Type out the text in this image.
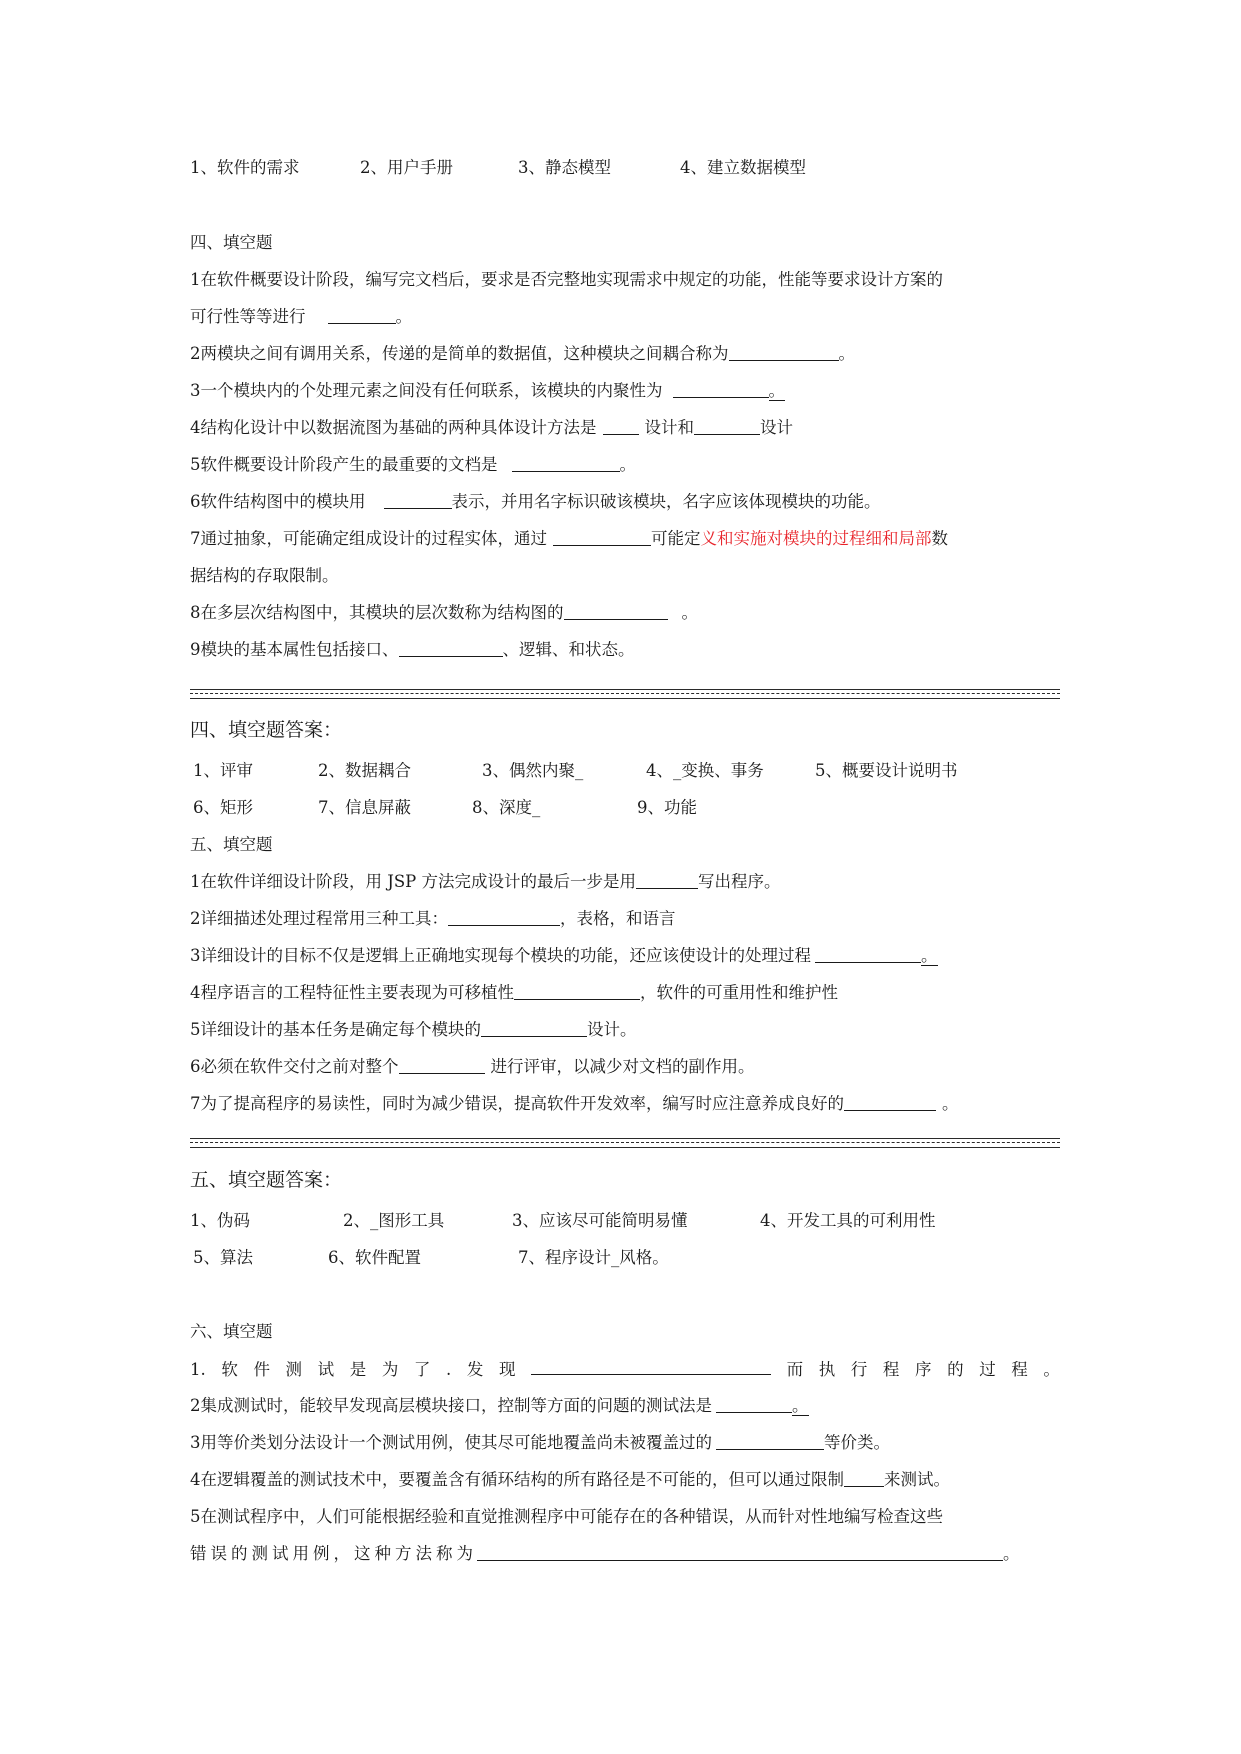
1、软件的需求	2、用户手册	3、静态模型	4、建立数据模型
四、填空题
1在软件概要设计阶段，编写完文档后，要求是否完整地实现需求中规定的功能，性能等要求设计方案的
可行性等等进行	。
2两模块之间有调用关系，传递的是简单的数据值，这种模块之间耦合称为	。
3一个模块内的个处理元素之间没有任何联系，该模块的内聚性为	。
4结构化设计中以数据流图为基础的两种具体设计方法是	设计和	设计
5软件概要设计阶段产生的最重要的文档是	。
6软件结构图中的模块用	表示，并用名字标识破该模块，名字应该体现模块的功能。
7通过抽象，可能确定组成设计的过程实体，通过	可能定义和实施对模块的过程细和局部数
据结构的存取限制。
8在多层次结构图中，其模块的层次数称为结构图的	。
9模块的基本属性包括接口、	、逻辑、和状态。
四、填空题答案：
1、评审	2、数据耦合	3、偶然内聚_	4、_变换、事务	5、概要设计说明书
6、矩形	7、信息屏蔽	8、深度_	9、功能
五、填空题
1在软件详细设计阶段，用 JSP 方法完成设计的最后一步是用	写出程序。
2详细描述处理过程常用三种工具：	，表格，和语言
3详细设计的目标不仅是逻辑上正确地实现每个模块的功能，还应该使设计的处理过程	。
4程序语言的工程特征性主要表现为可移植性	，软件的可重用性和维护性
5详细设计的基本任务是确定每个模块的	设计。
6必须在软件交付之前对整个	进行评审，以减少对文档的副作用。
7为了提高程序的易读性，同时为减少错误，提高软件开发效率，编写时应注意养成良好的	。
五、填空题答案：
1、伪码	2、_图形工具	3、应该尽可能简明易懂	4、开发工具的可利用性
5、算法	6、软件配置	7、程序设计_风格。
六、填空题
1. 软 件 测 试 是 为 了 . 发 现	而 执 行 程 序 的 过 程 。
2集成测试时，能较早发现高层模块接口，控制等方面的问题的测试法是	。
3用等价类划分法设计一个测试用例，使其尽可能地覆盖尚未被覆盖过的	等价类。
4在逻辑覆盖的测试技术中，要覆盖含有循环结构的所有路径是不可能的，但可以通过限制 来测试。
5在测试程序中，人们可能根据经验和直觉推测程序中可能存在的各种错误，从而针对性地编写检查这些
错误的测试用例，这种方法称为	。
